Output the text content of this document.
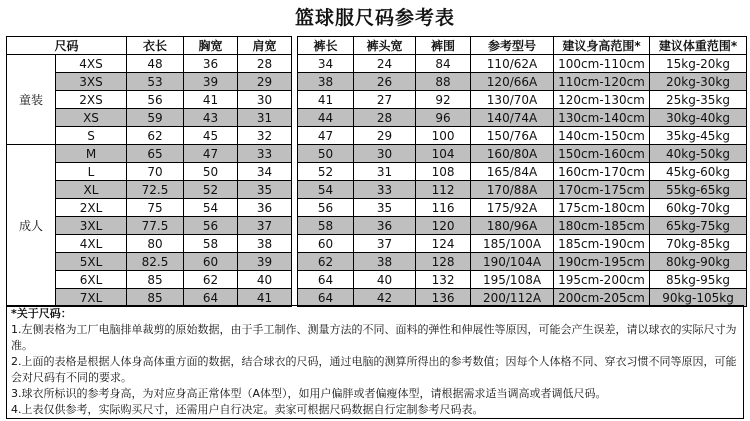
篮球服尺码参考表
尺码		衣长	胸宽	肩宽		裤长	裤头宽	裤围	参考型号	建议身高范围*	建议体重范围*
童装	4XS	48	36	28		34	24	84	110/62A	100cm-110cm	15kg-20kg
	3XS	53	39	29		38	26	88	120/66A	110cm-120cm	20kg-30kg
	2XS	56	41	30		41	27	92	130/70A	120cm-130cm	25kg-35kg
	XS	59	43	31		44	28	96	140/74A	130cm-140cm	30kg-40kg
	S	62	45	32		47	29	100	150/76A	140cm-150cm	35kg-45kg
成人	M	65	47	33		50	30	104	160/80A	150cm-160cm	40kg-50kg
	L	70	50	34		52	31	108	165/84A	160cm-170cm	45kg-60kg
	XL	72.5	52	35		54	33	112	170/88A	170cm-175cm	55kg-65kg
	2XL	75	54	36		56	35	116	175/92A	175cm-180cm	60kg-70kg
	3XL	77.5	56	37		58	36	120	180/96A	180cm-185cm	65kg-75kg
	4XL	80	58	38		60	37	124	185/100A	185cm-190cm	70kg-85kg
	5XL	82.5	60	39		62	38	128	190/104A	190cm-195cm	80kg-90kg
	6XL	85	62	40		64	40	132	195/108A	195cm-200cm	85kg-95kg
	7XL	85	64	41		64	42	136	200/112A	200cm-205cm	90kg-105kg

*关于尺码：

1.左侧表格为工厂电脑排单裁剪的原始数据，由于手工制作、测量方法的不同、面料的弹性和伸展性等原因，可能会产生误差，请以球衣的实际尺寸为准。

2.上面的表格是根据人体身高体重方面的数据，结合球衣的尺码，通过电脑的测算所得出的参考数值；因每个人体格不同、穿衣习惯不同等原因，可能会对尺码有不同的要求。

3.球衣所标识的参考身高，为对应身高正常体型（A体型），如用户偏胖或者偏瘦体型，请根据需求适当调高或者调低尺码。

4.上表仅供参考，实际购买尺寸，还需用户自行决定。卖家可根据尺码数据自行定制参考尺码表。
